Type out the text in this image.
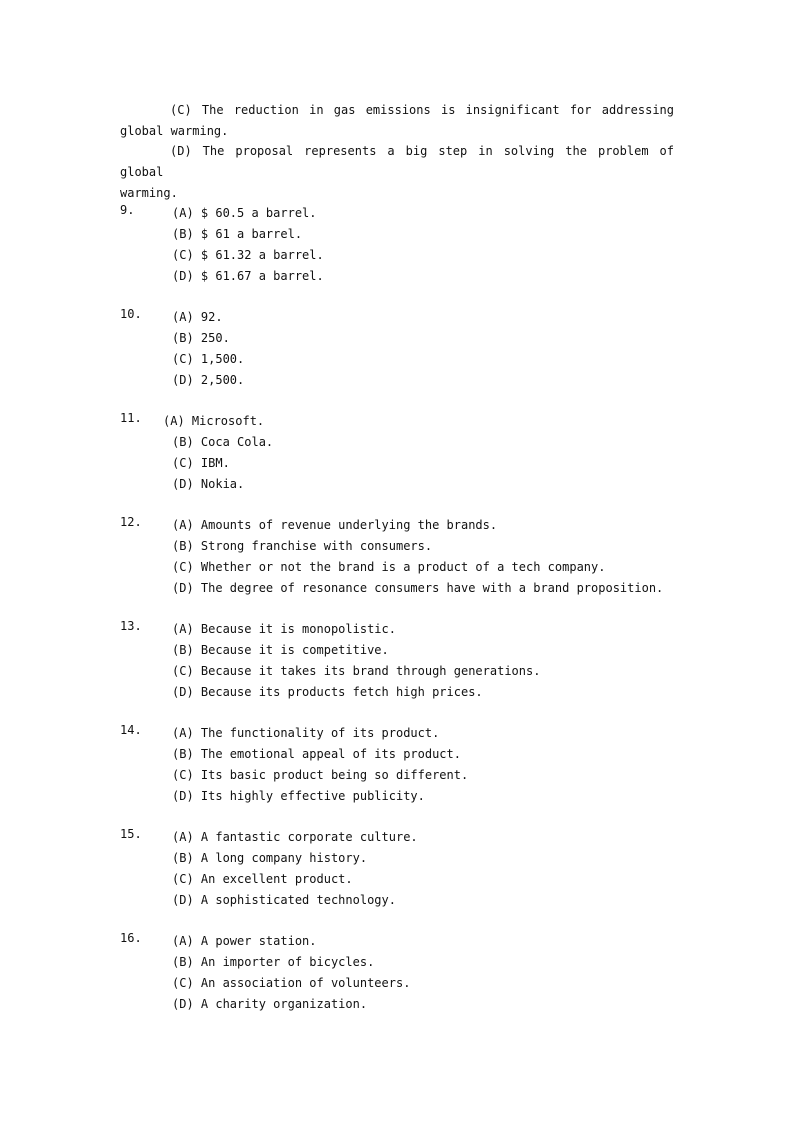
(C) The reduction in gas emissions is insignificant for addressing
global warming.
(D) The proposal represents a big step in solving the problem of global
warming.
9.	(A) $ 60.5 a barrel.
(B) $ 61 a barrel.
(C) $ 61.32 a barrel.
(D) $ 61.67 a barrel.
10.	(A) 92.
(B) 250.
(C) 1,500.
(D) 2,500.
11. (A) Microsoft.
(B) Coca Cola.
(C) IBM.
(D) Nokia.
12.	(A) Amounts of revenue underlying the brands.
(B) Strong franchise with consumers.
(C) Whether or not the brand is a product of a tech company.
(D) The degree of resonance consumers have with a brand proposition.
13.	(A) Because it is monopolistic.
(B) Because it is competitive.
(C) Because it takes its brand through generations.
(D) Because its products fetch high prices.
14.	(A) The functionality of its product.
(B) The emotional appeal of its product.
(C) Its basic product being so different.
(D) Its highly effective publicity.
15.	(A) A fantastic corporate culture.
(B) A long company history.
(C) An excellent product.
(D) A sophisticated technology.
16.	(A) A power station.
(B) An importer of bicycles.
(C) An association of volunteers.
(D) A charity organization.
